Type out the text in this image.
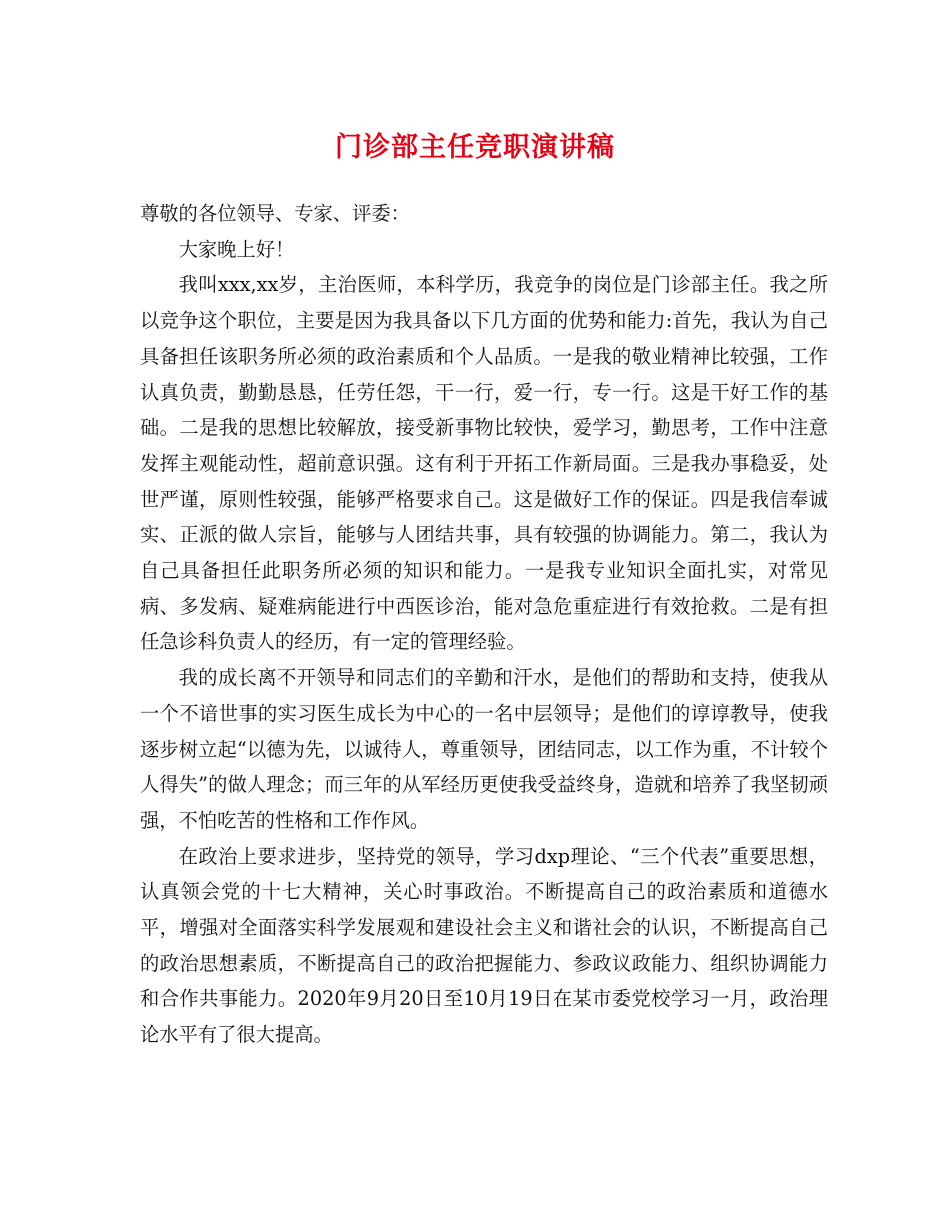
门诊部主任竞职演讲稿

尊敬的各位领导、专家、评委：

大家晚上好！

我叫xxx,xx岁，主治医师，本科学历，我竞争的岗位是门诊部主任。我之所以竞争这个职位，主要是因为我具备以下几方面的优势和能力:首先，我认为自己具备担任该职务所必须的政治素质和个人品质。一是我的敬业精神比较强，工作认真负责，勤勤恳恳，任劳任怨，干一行，爱一行，专一行。这是干好工作的基础。二是我的思想比较解放，接受新事物比较快，爱学习，勤思考，工作中注意发挥主观能动性，超前意识强。这有利于开拓工作新局面。三是我办事稳妥，处世严谨，原则性较强，能够严格要求自己。这是做好工作的保证。四是我信奉诚实、正派的做人宗旨，能够与人团结共事，具有较强的协调能力。第二，我认为自己具备担任此职务所必须的知识和能力。一是我专业知识全面扎实，对常见病、多发病、疑难病能进行中西医诊治，能对急危重症进行有效抢救。二是有担任急诊科负责人的经历，有一定的管理经验。

我的成长离不开领导和同志们的辛勤和汗水，是他们的帮助和支持，使我从一个不谙世事的实习医生成长为中心的一名中层领导；是他们的谆谆教导，使我逐步树立起“以德为先，以诚待人，尊重领导，团结同志，以工作为重，不计较个人得失”的做人理念；而三年的从军经历更使我受益终身，造就和培养了我坚韧顽强，不怕吃苦的性格和工作作风。

在政治上要求进步，坚持党的领导，学习dxp理论、“三个代表”重要思想，认真领会党的十七大精神，关心时事政治。不断提高自己的政治素质和道德水平，增强对全面落实科学发展观和建设社会主义和谐社会的认识，不断提高自己的政治思想素质，不断提高自己的政治把握能力、参政议政能力、组织协调能力和合作共事能力。2020年9月20日至10月19日在某市委党校学习一月，政治理论水平有了很大提高。
